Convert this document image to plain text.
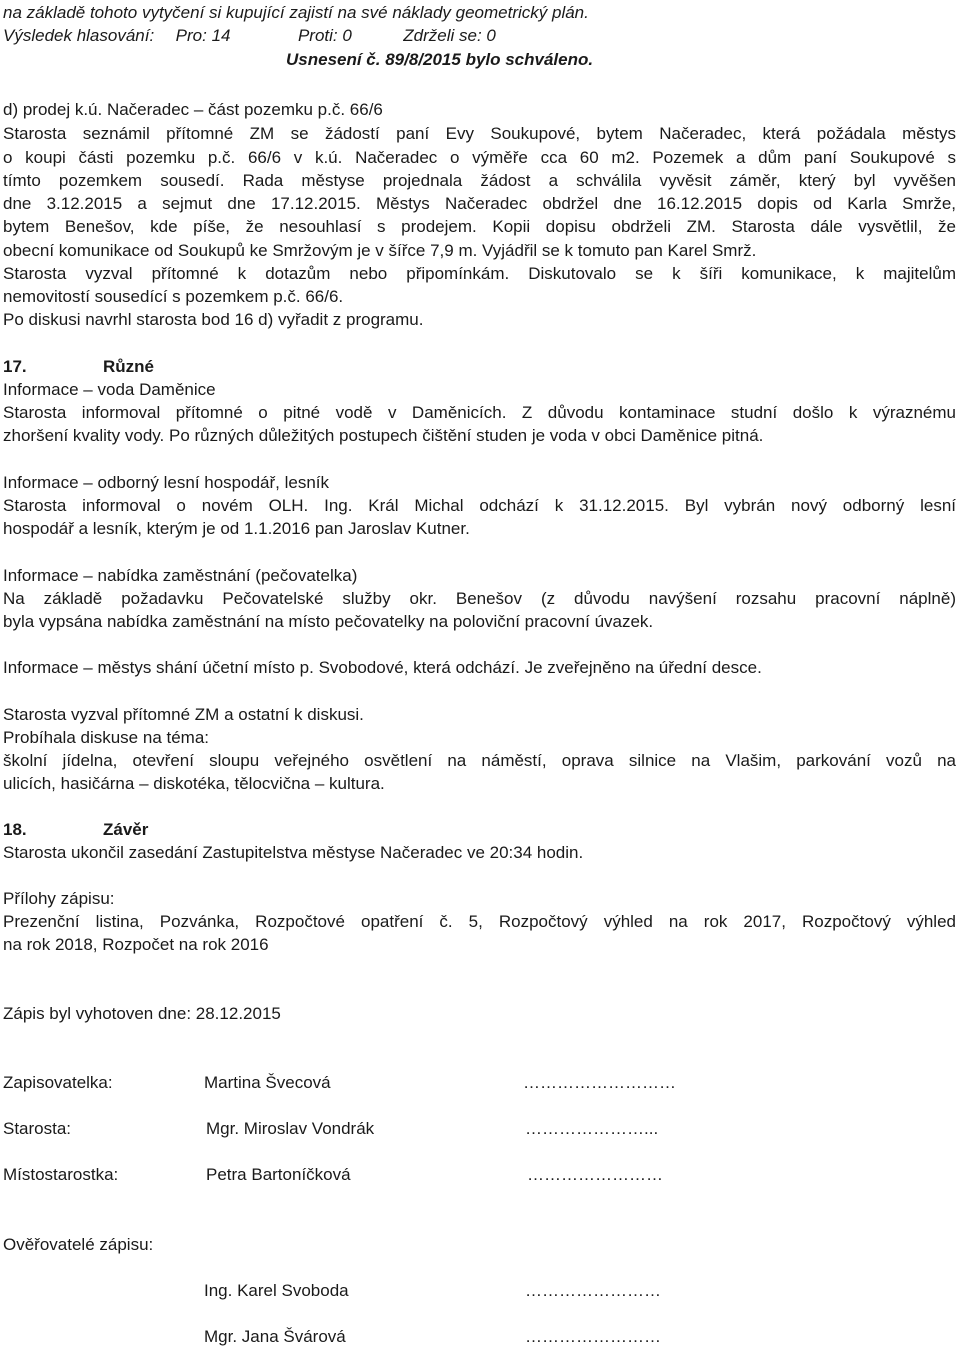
na základě tohoto vytyčení si kupující zajistí na své náklady geometrický plán.
Výsledek hlasování: Pro: 14	Proti: 0	Zdrželi se: 0
Usnesení č. 89/8/2015 bylo schváleno.
d) prodej k.ú. Načeradec – část pozemku p.č. 66/6
Starosta seznámil přítomné ZM se žádostí paní Evy Soukupové, bytem Načeradec, která požádala městys
o koupi části pozemku p.č. 66/6 v k.ú. Načeradec o výměře cca 60 m2. Pozemek a dům paní Soukupové s
tímto pozemkem sousedí. Rada městyse projednala žádost a schválila vyvěsit záměr, který byl vyvěšen
dne 3.12.2015 a sejmut dne 17.12.2015. Městys Načeradec obdržel dne 16.12.2015 dopis od Karla Smrže,
bytem Benešov, kde píše, že nesouhlasí s prodejem. Kopii dopisu obdrželi ZM. Starosta dále vysvětlil, že
obecní komunikace od Soukupů ke Smržovým je v šířce 7,9 m. Vyjádřil se k tomuto pan Karel Smrž.
Starosta vyzval přítomné k dotazům nebo připomínkám. Diskutovalo se k šíři komunikace, k majitelům
nemovitostí sousedící s pozemkem p.č. 66/6.
Po diskusi navrhl starosta bod 16 d) vyřadit z programu.
17.	Různé
Informace – voda Daměnice
Starosta informoval přítomné o pitné vodě v Daměnicích. Z důvodu kontaminace studní došlo k výraznému
zhoršení kvality vody. Po různých důležitých postupech čištění studen je voda v obci Daměnice pitná.
Informace – odborný lesní hospodář, lesník
Starosta informoval o novém OLH. Ing. Král Michal odchází k 31.12.2015. Byl vybrán nový odborný lesní
hospodář a lesník, kterým je od 1.1.2016 pan Jaroslav Kutner.
Informace – nabídka zaměstnání (pečovatelka)
Na základě požadavku Pečovatelské služby okr. Benešov (z důvodu navýšení rozsahu pracovní náplně)
byla vypsána nabídka zaměstnání na místo pečovatelky na poloviční pracovní úvazek.
Informace – městys shání účetní místo p. Svobodové, která odchází. Je zveřejněno na úřední desce.
Starosta vyzval přítomné ZM a ostatní k diskusi.
Probíhala diskuse na téma:
školní jídelna, otevření sloupu veřejného osvětlení na náměstí, oprava silnice na Vlašim, parkování vozů na
ulicích, hasičárna – diskotéka, tělocvična – kultura.
18.	Závěr
Starosta ukončil zasedání Zastupitelstva městyse Načeradec ve 20:34 hodin.
Přílohy zápisu:
Prezenční listina, Pozvánka, Rozpočtové opatření č. 5, Rozpočtový výhled na rok 2017, Rozpočtový výhled
na rok 2018, Rozpočet na rok 2016
Zápis byl vyhotoven dne: 28.12.2015
Zapisovatelka:	Martina Švecová	………………………
Starosta:	Mgr. Miroslav Vondrák	…………………...
Místostarostka:	Petra Bartoníčková	……………………
Ověřovatelé zápisu:
Ing. Karel Svoboda	……………………
Mgr. Jana Švárová	……………………
